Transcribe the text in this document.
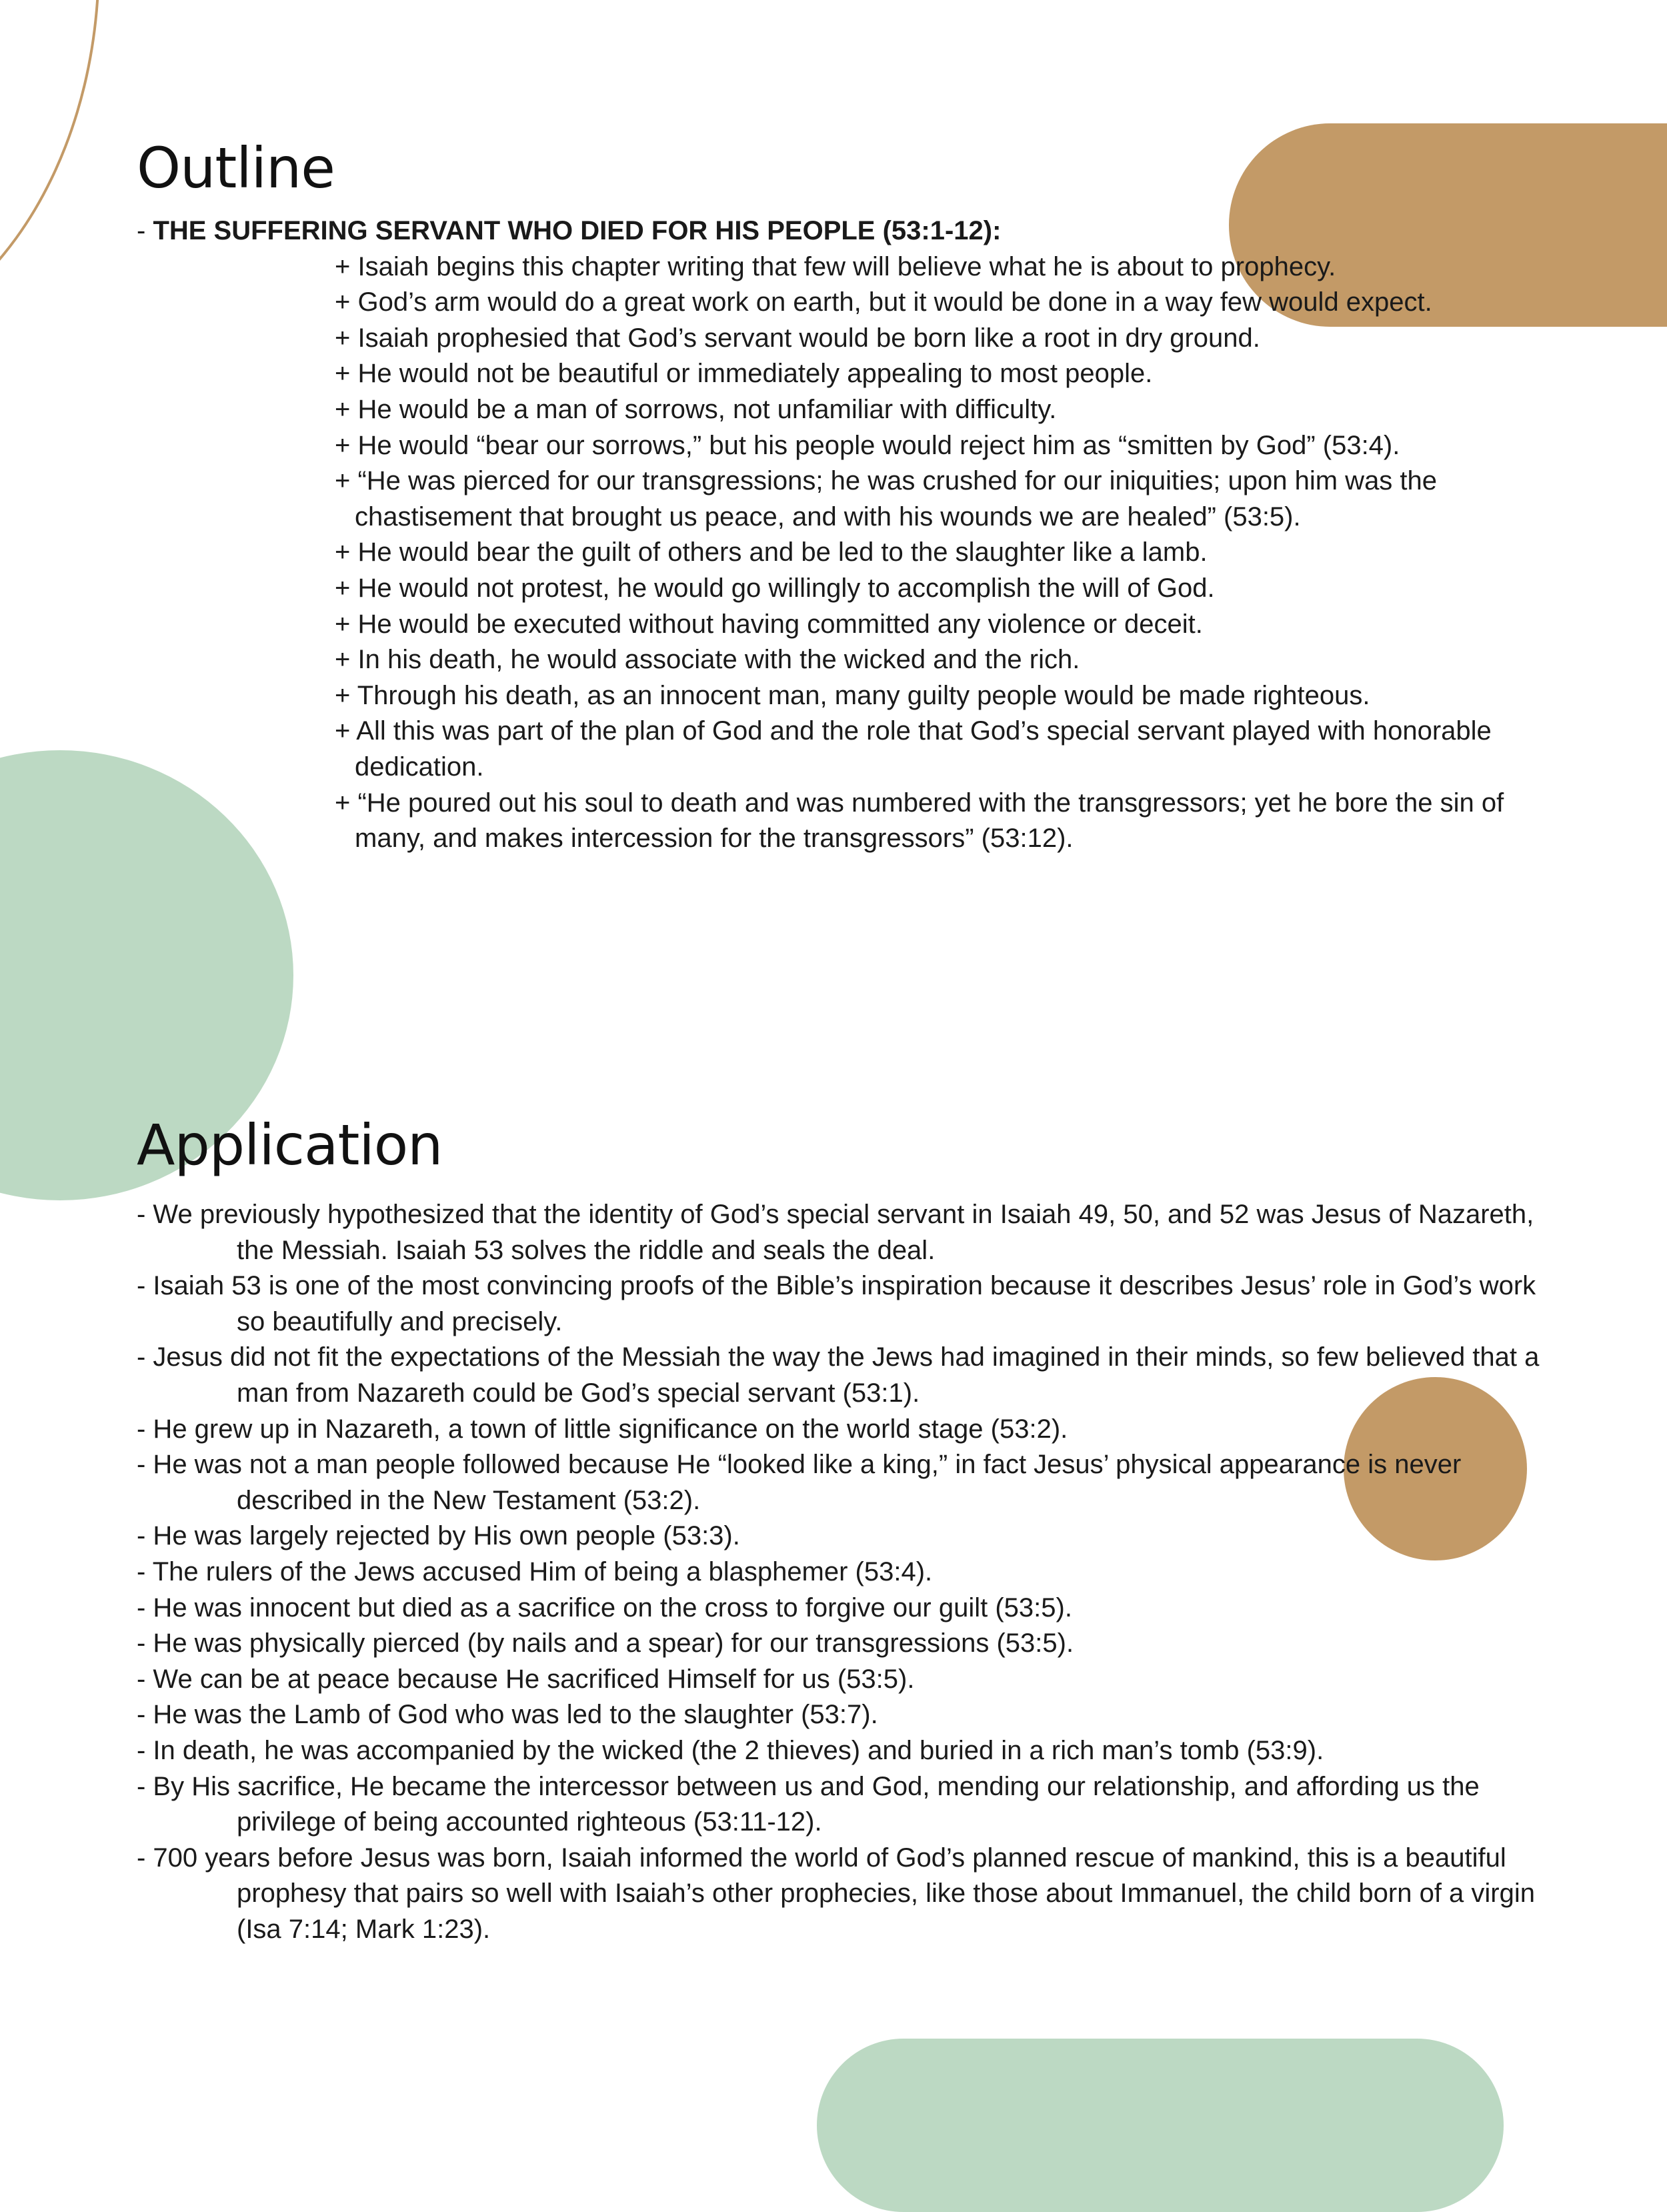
Outline

- THE SUFFERING SERVANT WHO DIED FOR HIS PEOPLE (53:1-12):

+ Isaiah begins this chapter writing that few will believe what he is about to prophecy.

+ God’s arm would do a great work on earth, but it would be done in a way few would expect.

+ Isaiah prophesied that God’s servant would be born like a root in dry ground.

+ He would not be beautiful or immediately appealing to most people.

+ He would be a man of sorrows, not unfamiliar with difficulty.

+ He would “bear our sorrows,” but his people would reject him as “smitten by God” (53:4).

+ “He was pierced for our transgressions; he was crushed for our iniquities; upon him was the chastisement that brought us peace, and with his wounds we are healed” (53:5).

+ He would bear the guilt of others and be led to the slaughter like a lamb.

+ He would not protest, he would go willingly to accomplish the will of God.

+ He would be executed without having committed any violence or deceit.

+ In his death, he would associate with the wicked and the rich.

+ Through his death, as an innocent man, many guilty people would be made righteous.

+ All this was part of the plan of God and the role that God’s special servant played with honorable dedication.

+ “He poured out his soul to death and was numbered with the transgressors; yet he bore the sin of many, and makes intercession for the transgressors” (53:12).

Application

- We previously hypothesized that the identity of God’s special servant in Isaiah 49, 50, and 52 was Jesus of Nazareth, the Messiah. Isaiah 53 solves the riddle and seals the deal.

- Isaiah 53 is one of the most convincing proofs of the Bible’s inspiration because it describes Jesus’ role in God’s work so beautifully and precisely.

- Jesus did not fit the expectations of the Messiah the way the Jews had imagined in their minds, so few believed that a man from Nazareth could be God’s special servant (53:1).

- He grew up in Nazareth, a town of little significance on the world stage (53:2).

- He was not a man people followed because He “looked like a king,” in fact Jesus’ physical appearance is never described in the New Testament (53:2).

- He was largely rejected by His own people (53:3).

- The rulers of the Jews accused Him of being a blasphemer (53:4).

- He was innocent but died as a sacrifice on the cross to forgive our guilt (53:5).

- He was physically pierced (by nails and a spear) for our transgressions (53:5).

- We can be at peace because He sacrificed Himself for us (53:5).

- He was the Lamb of God who was led to the slaughter (53:7).

- In death, he was accompanied by the wicked (the 2 thieves) and buried in a rich man’s tomb (53:9).

- By His sacrifice, He became the intercessor between us and God, mending our relationship, and affording us the privilege of being accounted righteous (53:11-12).

- 700 years before Jesus was born, Isaiah informed the world of God’s planned rescue of mankind, this is a beautiful prophesy that pairs so well with Isaiah’s other prophecies, like those about Immanuel, the child born of a virgin (Isa 7:14; Mark 1:23).
